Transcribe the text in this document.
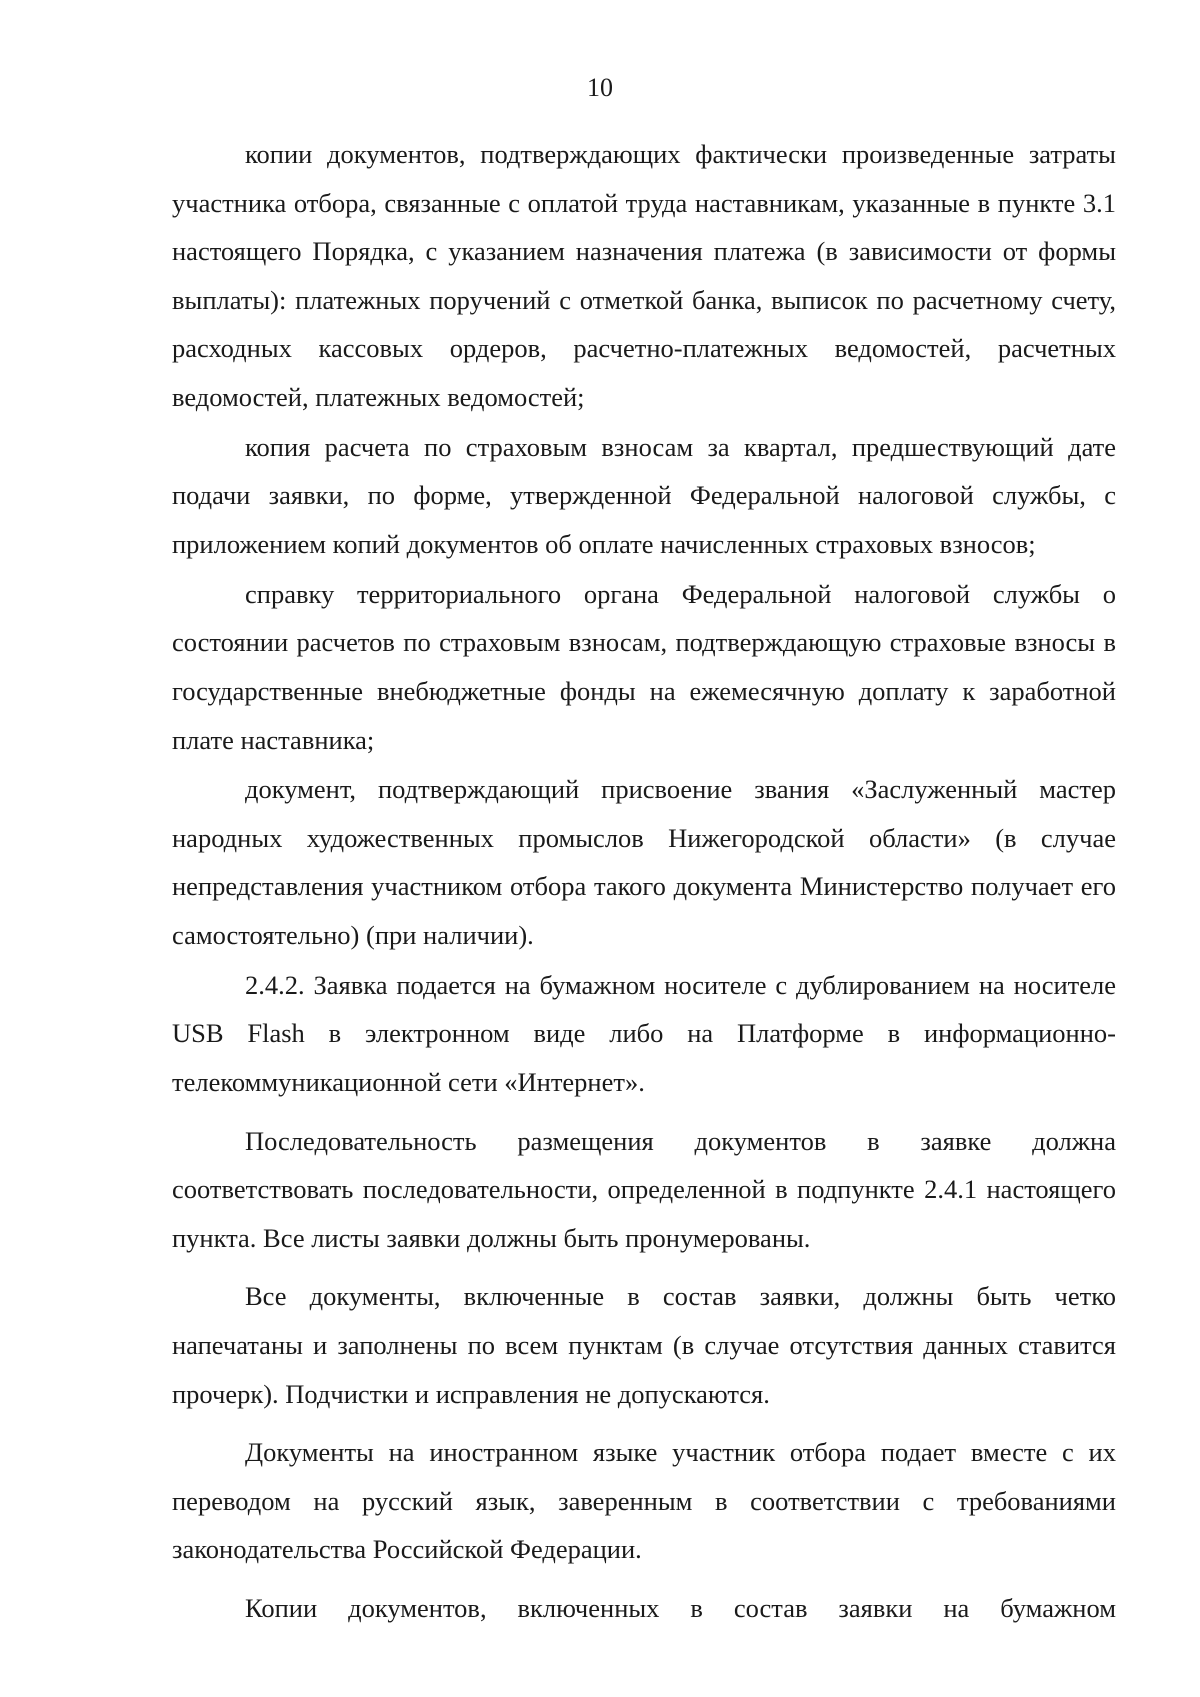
10

копии документов, подтверждающих фактически произведенные затраты участника отбора, связанные с оплатой труда наставникам, указанные в пункте 3.1 настоящего Порядка, с указанием назначения платежа (в зависимости от формы выплаты): платежных поручений с отметкой банка, выписок по расчетному счету, расходных кассовых ордеров, расчетно-платежных ведомостей, расчетных ведомостей, платежных ведомостей;

копия расчета по страховым взносам за квартал, предшествующий дате подачи заявки, по форме, утвержденной Федеральной налоговой службы, с приложением копий документов об оплате начисленных страховых взносов;

справку территориального органа Федеральной налоговой службы о состоянии расчетов по страховым взносам, подтверждающую страховые взносы в государственные внебюджетные фонды на ежемесячную доплату к заработной плате наставника;

документ, подтверждающий присвоение звания «Заслуженный мастер народных художественных промыслов Нижегородской области» (в случае непредставления участником отбора такого документа Министерство получает его самостоятельно) (при наличии).

2.4.2. Заявка подается на бумажном носителе с дублированием на носителе USB Flash в электронном виде либо на Платформе в информационно-телекоммуникационной сети «Интернет».

Последовательность размещения документов в заявке должна соответствовать последовательности, определенной в подпункте 2.4.1 настоящего пункта. Все листы заявки должны быть пронумерованы.

Все документы, включенные в состав заявки, должны быть четко напечатаны и заполнены по всем пунктам (в случае отсутствия данных ставится прочерк). Подчистки и исправления не допускаются.

Документы на иностранном языке участник отбора подает вместе с их переводом на русский язык, заверенным в соответствии с требованиями законодательства Российской Федерации.

Копии документов, включенных в состав заявки на бумажном
